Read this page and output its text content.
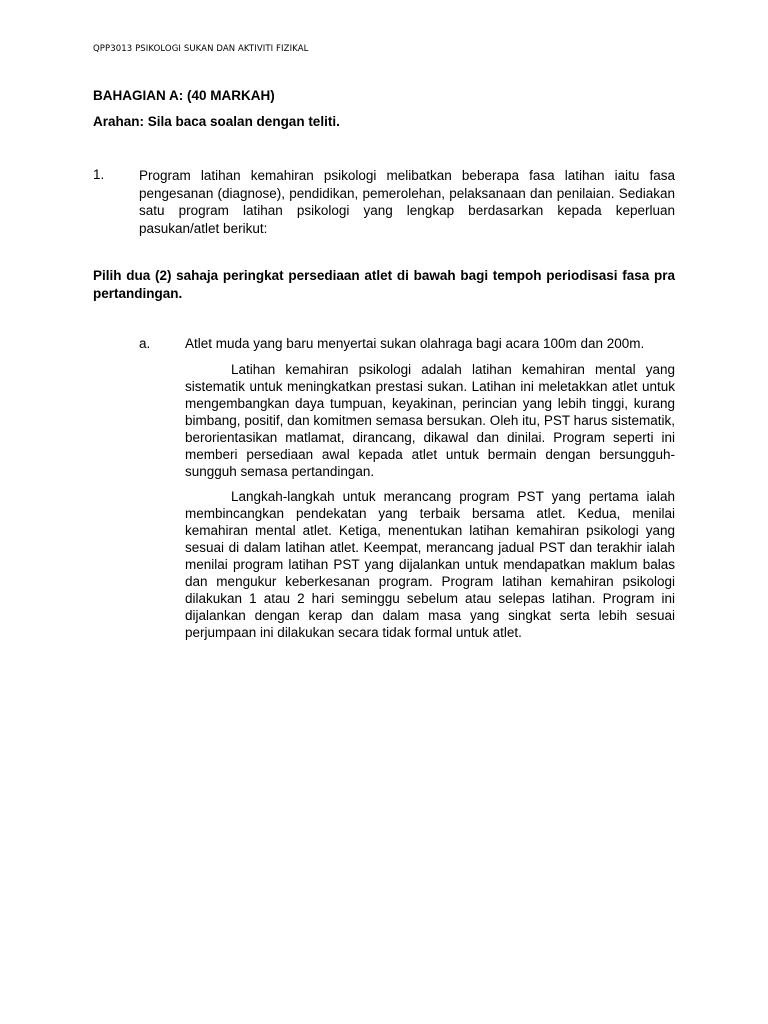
QPP3013 PSIKOLOGI SUKAN DAN AKTIVITI FIZIKAL
BAHAGIAN A: (40 MARKAH)
Arahan: Sila baca soalan dengan teliti.
1.	Program latihan kemahiran psikologi melibatkan beberapa fasa latihan iaitu fasa pengesanan (diagnose), pendidikan, pemerolehan, pelaksanaan dan penilaian. Sediakan satu program latihan psikologi yang lengkap berdasarkan kepada keperluan pasukan/atlet berikut:
Pilih dua (2) sahaja peringkat persediaan atlet di bawah bagi tempoh periodisasi fasa pra pertandingan.
a.	Atlet muda yang baru menyertai sukan olahraga bagi acara 100m dan 200m.

Latihan kemahiran psikologi adalah latihan kemahiran mental yang sistematik untuk meningkatkan prestasi sukan. Latihan ini meletakkan atlet untuk mengembangkan daya tumpuan, keyakinan, perincian yang lebih tinggi, kurang bimbang, positif, dan komitmen semasa bersukan. Oleh itu, PST harus sistematik, berorientasikan matlamat, dirancang, dikawal dan dinilai. Program seperti ini memberi persediaan awal kepada atlet untuk bermain dengan bersungguh-sungguh semasa pertandingan.

Langkah-langkah untuk merancang program PST yang pertama ialah membincangkan pendekatan yang terbaik bersama atlet. Kedua, menilai kemahiran mental atlet. Ketiga, menentukan latihan kemahiran psikologi yang sesuai di dalam latihan atlet. Keempat, merancang jadual PST dan terakhir ialah menilai program latihan PST yang dijalankan untuk mendapatkan maklum balas dan mengukur keberkesanan program. Program latihan kemahiran psikologi dilakukan 1 atau 2 hari seminggu sebelum atau selepas latihan. Program ini dijalankan dengan kerap dan dalam masa yang singkat serta lebih sesuai perjumpaan ini dilakukan secara tidak formal untuk atlet.
